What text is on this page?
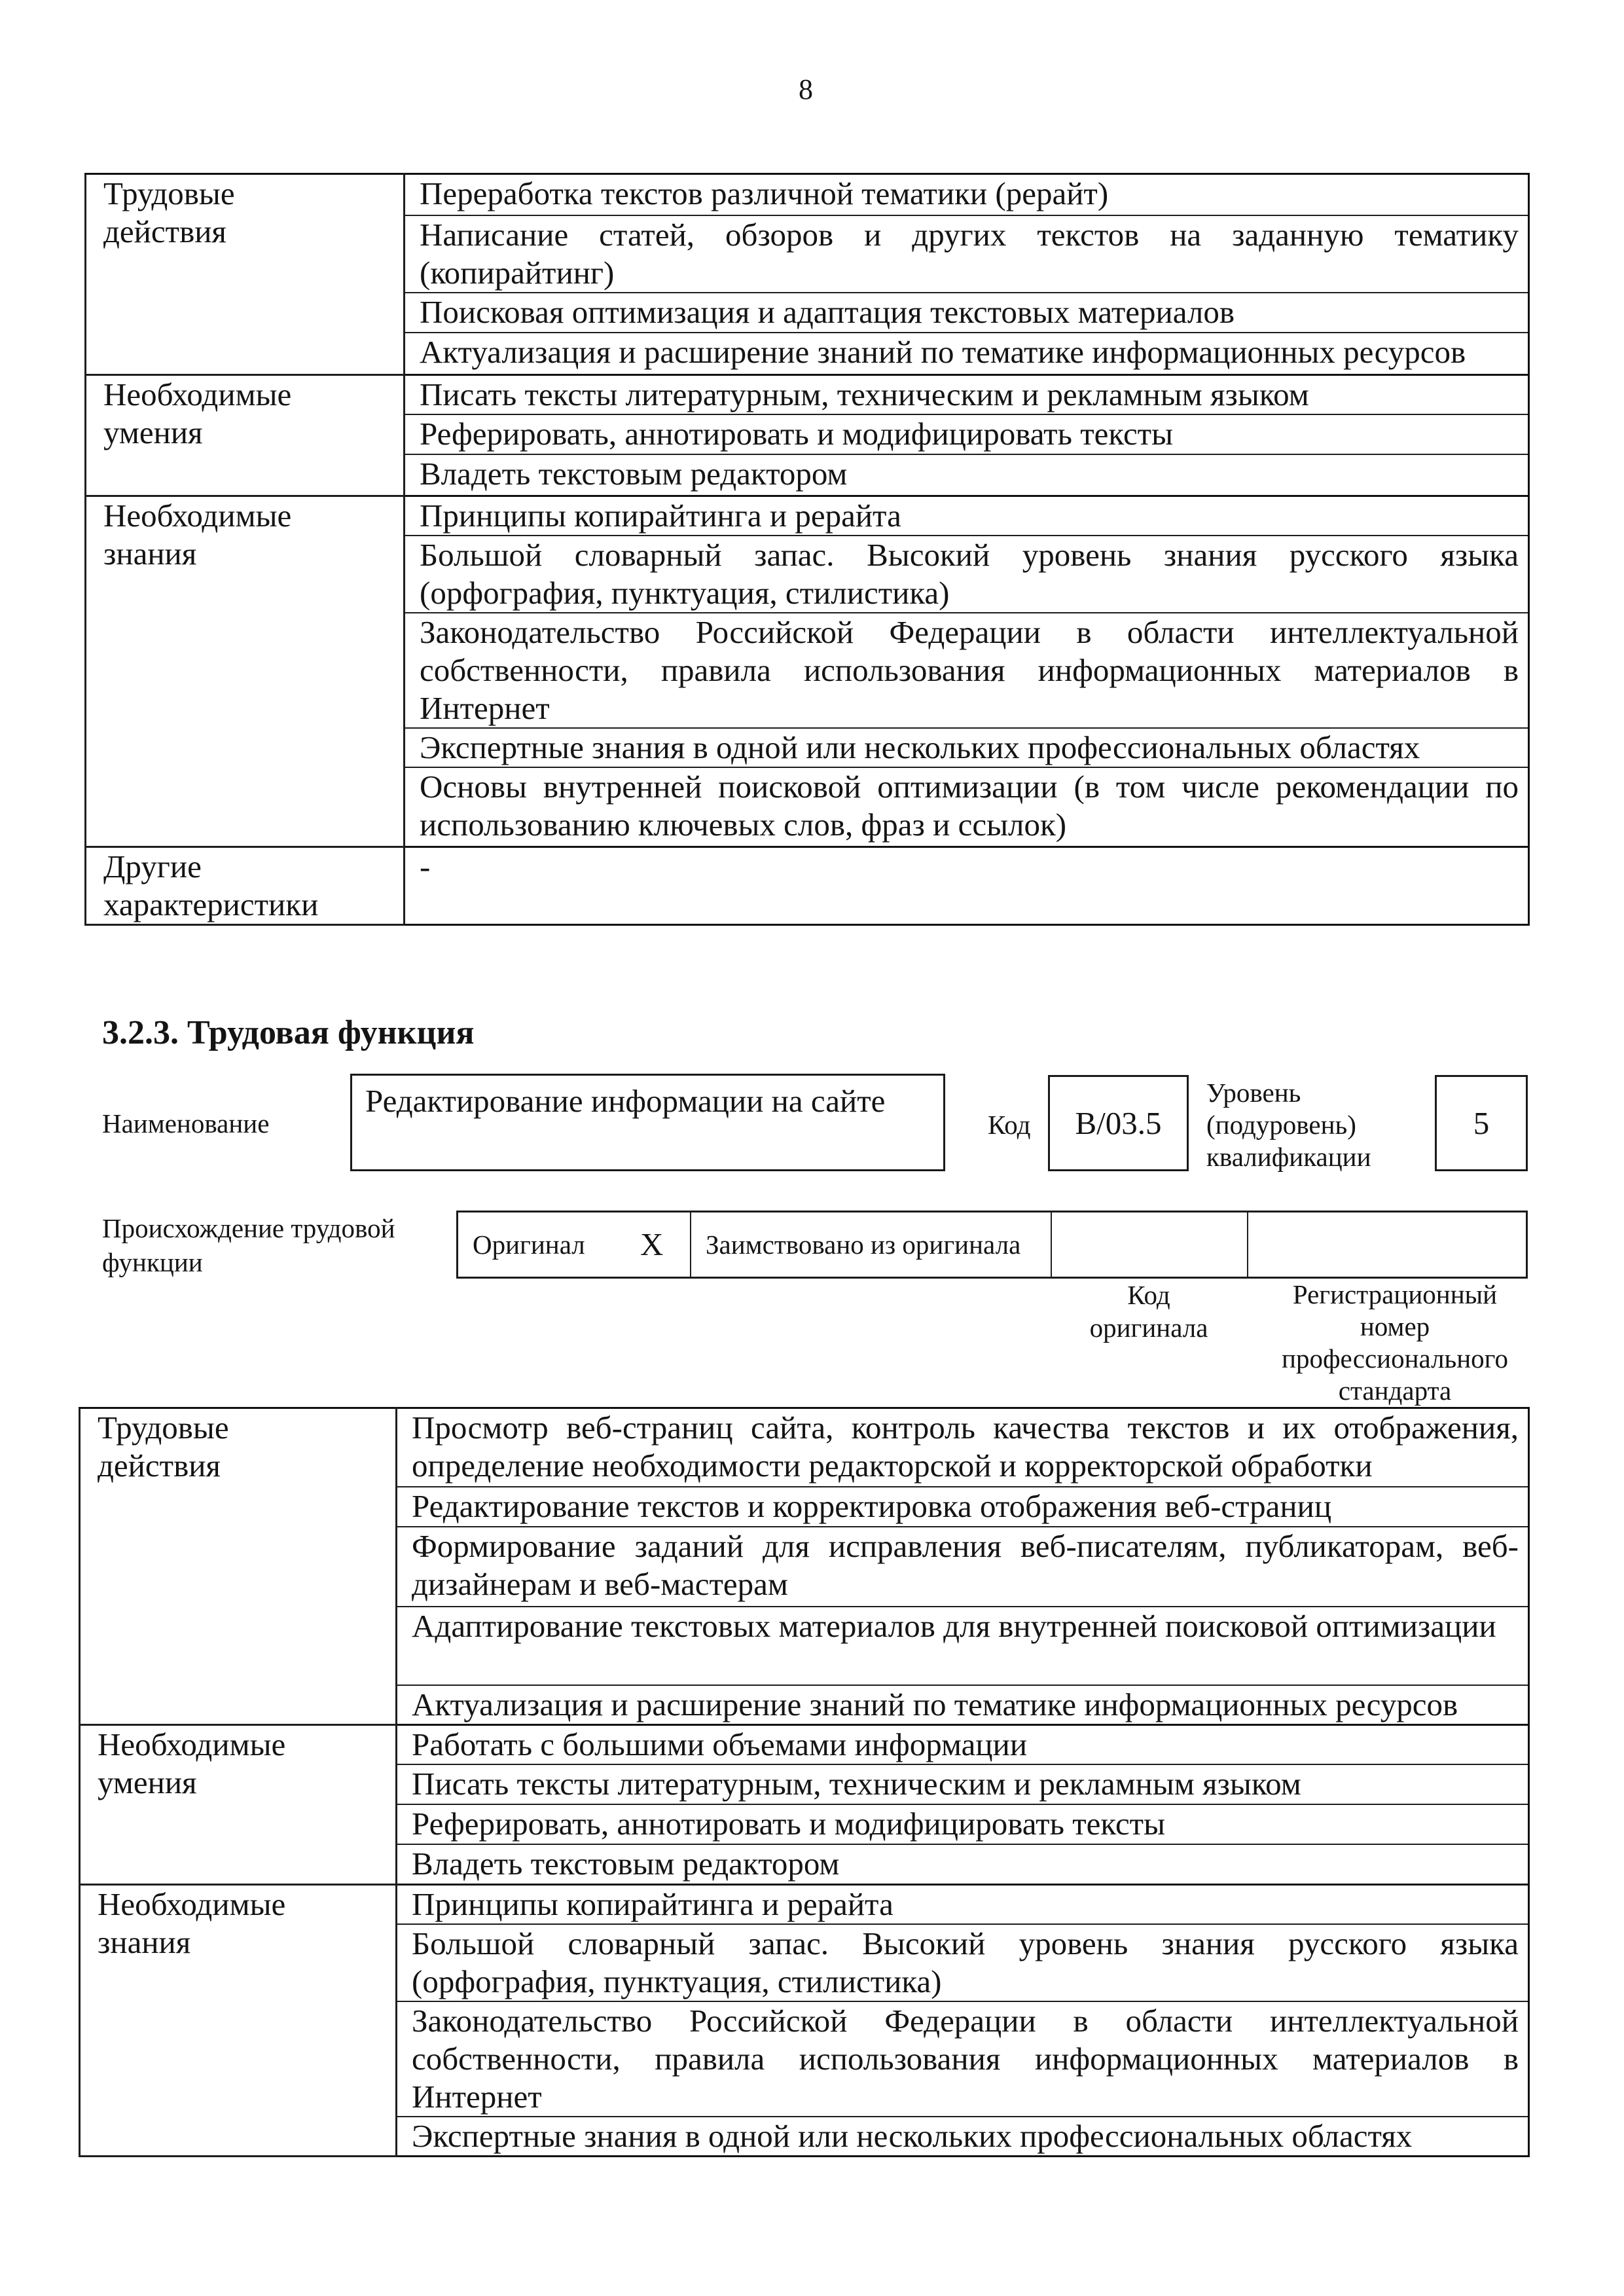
8
Трудовые действия	Переработка текстов различной тематики (рерайт)
	Написание статей, обзоров и других текстов на заданную тематику (копирайтинг)
	Поисковая оптимизация и адаптация текстовых материалов
	Актуализация и расширение знаний по тематике информационных ресурсов

Необходимые умения	Писать тексты литературным, техническим и рекламным языком
	Реферировать, аннотировать и модифицировать тексты
	Владеть текстовым редактором

Необходимые знания	Принципы копирайтинга и рерайта
	Большой словарный запас. Высокий уровень знания русского языка (орфография, пунктуация, стилистика)
	Законодательство Российской Федерации в области интеллектуальной собственности, правила использования информационных материалов в Интернет
	Экспертные знания в одной или нескольких профессиональных областях
	Основы внутренней поисковой оптимизации (в том числе рекомендации по использованию ключевых слов, фраз и ссылок)

Другие характеристики	-
3.2.3. Трудовая функция
Наименование
Редактирование информации на сайте
Код B/03.5
Уровень (подуровень) квалификации
5
Происхождение трудовой функции
Оригинал X Заимствовано из оригинала
Код оригинала
Регистрационный номер профессионального стандарта
Трудовые действия	Просмотр веб-страниц сайта, контроль качества текстов и их отображения, определение необходимости редакторской и корректорской обработки
	Редактирование текстов и корректировка отображения веб-страниц
	Формирование заданий для исправления веб-писателям, публикаторам, веб-дизайнерам и веб-мастерам
	Адаптирование текстовых материалов для внутренней поисковой оптимизации
	Актуализация и расширение знаний по тематике информационных ресурсов

Необходимые умения	Работать с большими объемами информации
	Писать тексты литературным, техническим и рекламным языком
	Реферировать, аннотировать и модифицировать тексты
	Владеть текстовым редактором

Необходимые знания	Принципы копирайтинга и рерайта
	Большой словарный запас. Высокий уровень знания русского языка (орфография, пунктуация, стилистика)
	Законодательство Российской Федерации в области интеллектуальной собственности, правила использования информационных материалов в Интернет
	Экспертные знания в одной или нескольких профессиональных областях
